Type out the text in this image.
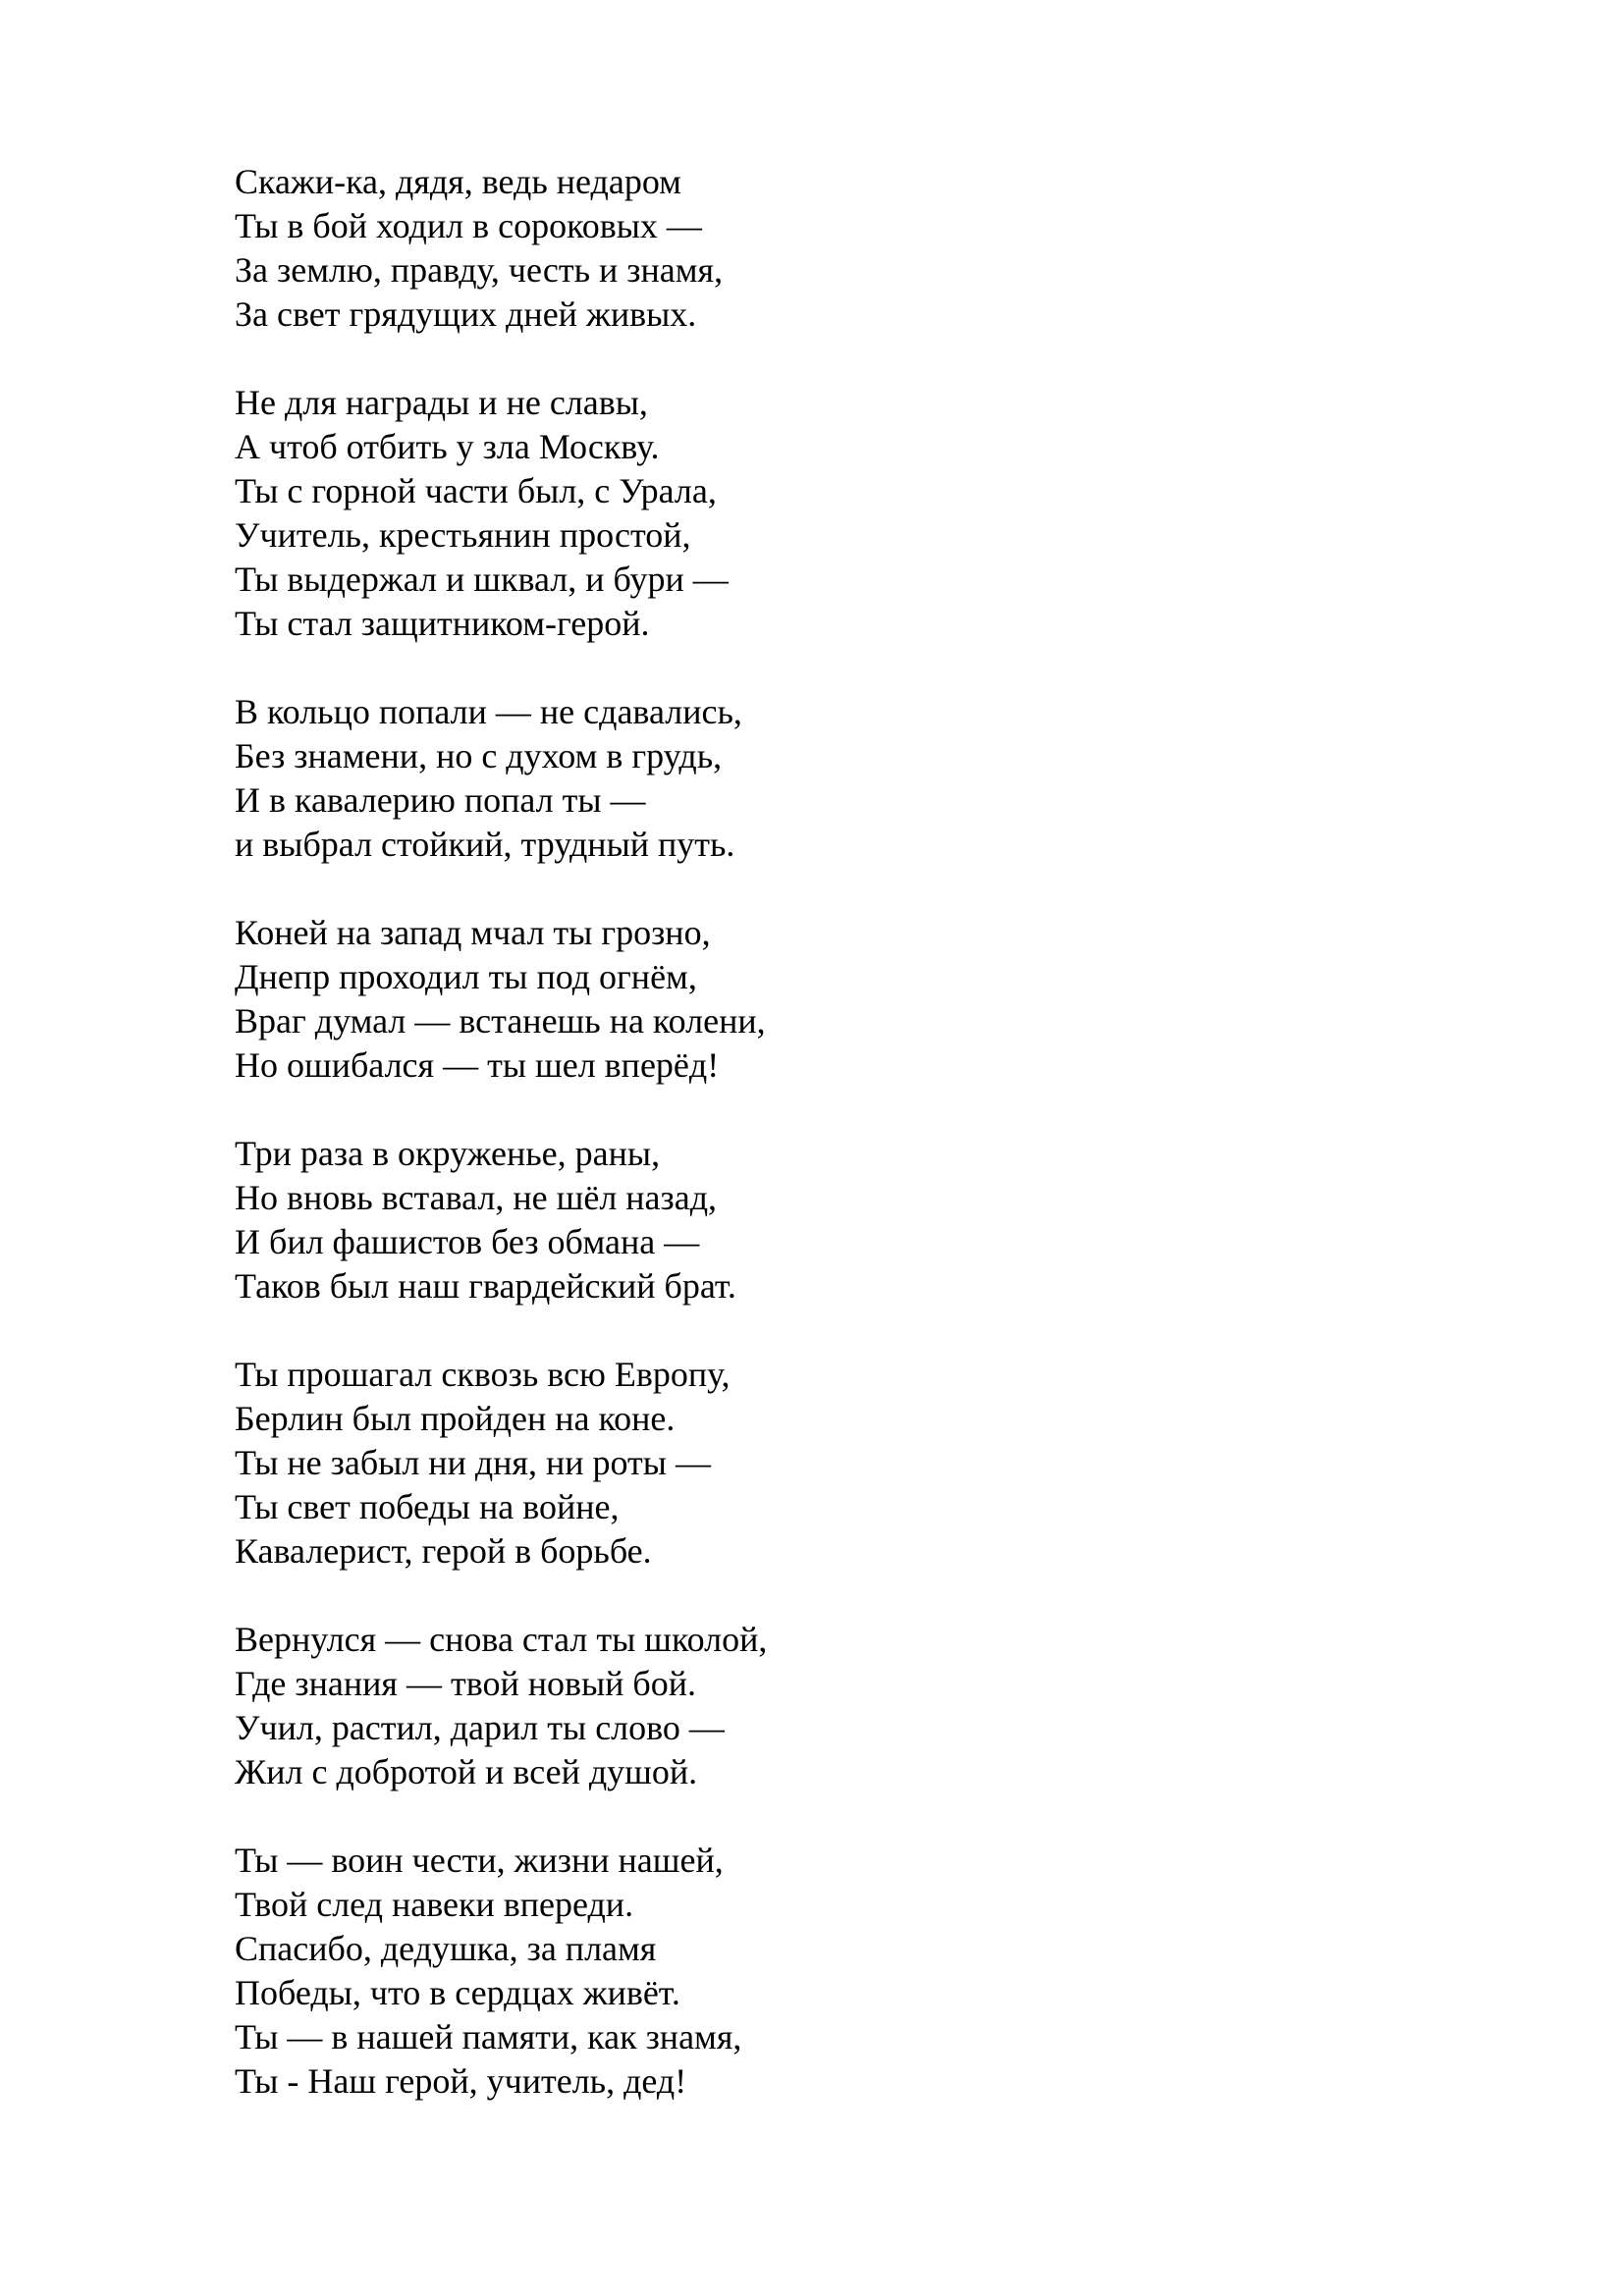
Скажи-ка, дядя, ведь недаром
Ты в бой ходил в сороковых —
За землю, правду, честь и знамя,
За свет грядущих дней живых.
Не для награды и не славы,
А чтоб отбить у зла Москву.
Ты с горной части был, с Урала,
Учитель, крестьянин простой,
Ты выдержал и шквал, и бури —
Ты стал защитником-герой.
В кольцо попали — не сдавались,
Без знамени, но с духом в грудь,
И в кавалерию попал ты —
и выбрал стойкий, трудный путь.
Коней на запад мчал ты грозно,
Днепр проходил ты под огнём,
Враг думал — встанешь на колени,
Но ошибался — ты шел вперёд!
Три раза в окруженье, раны,
Но вновь вставал, не шёл назад,
И бил фашистов без обмана —
Таков был наш гвардейский брат.
Ты прошагал сквозь всю Европу,
Берлин был пройден на коне.
Ты не забыл ни дня, ни роты —
Ты свет победы на войне,
Кавалерист, герой в борьбе.
Вернулся — снова стал ты школой,
Где знания — твой новый бой.
Учил, растил, дарил ты слово —
Жил с добротой и всей душой.
Ты — воин чести, жизни нашей,
Твой след навеки впереди.
Спасибо, дедушка, за пламя
Победы, что в сердцах живёт.
Ты — в нашей памяти, как знамя,
Ты - Наш герой, учитель, дед!
